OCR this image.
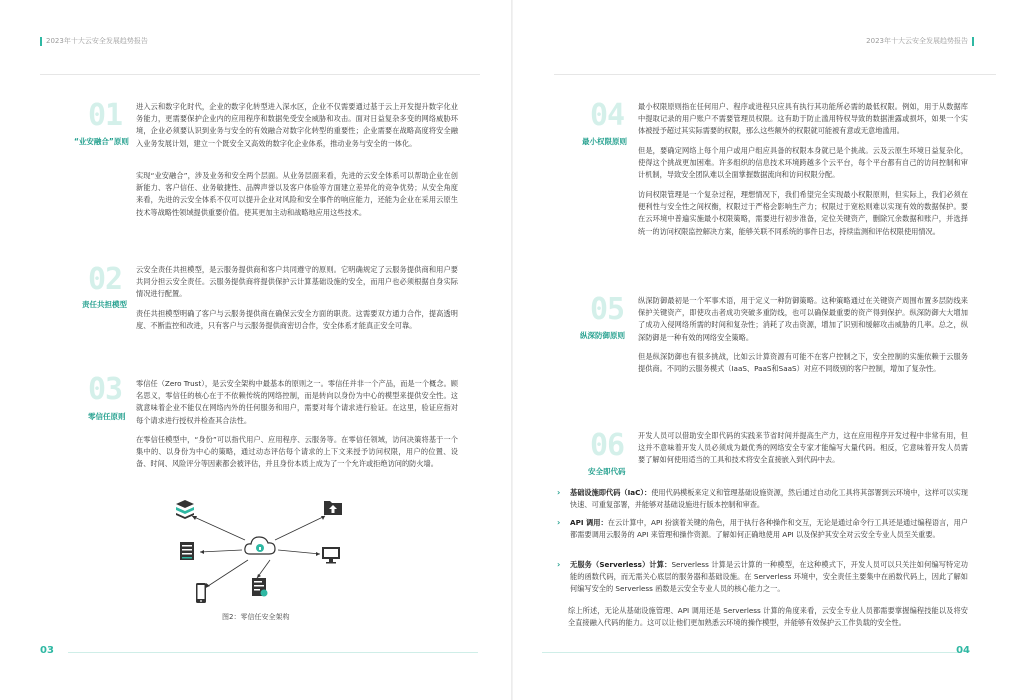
2023年十大云安全发展趋势报告
01
“业安融合”原则
进入云和数字化时代，企业的数字化转型进入深水区，企业不仅需要通过基于云上开发提升数字化业务能力，更需要保护企业内的应用程序和数据免受安全威胁和攻击。面对日益复杂多变的网络威胁环境，企业必须要认识到业务与安全的有效融合对数字化转型的重要性；企业需要在战略高度将安全融入业务发展计划，建立一个既安全又高效的数字化企业体系，推动业务与安全的一体化。
实现“业安融合”，涉及业务和安全两个层面。从业务层面来看，先进的云安全体系可以帮助企业在创新能力、客户信任、业务敏捷性、品牌声誉以及客户体验等方面建立差异化的竞争优势；从安全角度来看，先进的云安全体系不仅可以提升企业对风险和安全事件的响应能力，还能为企业在采用云原生技术等战略性领域提供重要价值。使其更加主动和战略地应用这些技术。
02
责任共担模型
云安全责任共担模型，是云服务提供商和客户共同遵守的原则。它明确规定了云服务提供商和用户要共同分担云安全责任。云服务提供商将提供保护云计算基础设施的安全，而用户也必须根据自身实际情况进行配置。
责任共担模型明确了客户与云服务提供商在确保云安全方面的职责。这需要双方通力合作，提高透明度、不断监控和改进，只有客户与云服务提供商密切合作，安全体系才能真正安全可靠。
03
零信任原则
零信任（Zero Trust），是云安全架构中最基本的原则之一。零信任并非一个产品，而是一个概念。顾名思义，零信任的核心在于不依赖传统的网络控制，而是转向以身份为中心的模型来提供安全性。这就意味着企业不能仅在网络内外的任何服务和用户，需要对每个请求进行验证。在这里，验证应指对每个请求进行授权并检查其合法性。
在零信任模型中，“身份”可以指代用户、应用程序、云服务等。在零信任领域，访问决策将基于一个集中的、以身份为中心的策略，通过动态评估每个请求的上下文来授予访问权限，用户的位置、设备、时间、风险评分等因素都会被评估，并且身份本质上成为了一个允许或拒绝访问的防火墙。
图2：零信任安全架构
03
2023年十大云安全发展趋势报告
04
最小权限原则
最小权限原则指在任何用户、程序或进程只应具有执行其功能所必需的最低权限。例如，用于从数据库中提取记录的用户账户不需要管理员权限。这有助于防止滥用特权导致的数据泄露或损坏，如果一个实体被授予超过其实际需要的权限，那么这些额外的权限就可能被有意或无意地滥用。
但是，要确定网络上每个用户或用户组应具备的权限本身就已是个挑战。云及云原生环境日益复杂化，使得这个挑战更加困难。许多组织的信息技术环境跨越多个云平台，每个平台都有自己的访问控制和审计机制，导致安全团队难以全面掌握数据流向和访问权限分配。
访问权限管理是一个复杂过程，理想情况下，我们希望完全实现最小权限原则，但实际上，我们必须在便利性与安全性之间权衡，权限过于严格会影响生产力；权限过于宽松则难以实现有效的数据保护。要在云环境中普遍实施最小权限策略，需要进行初步准备，定位关键资产，删除冗余数据和账户，并选择统一的访问权限监控解决方案，能够关联不同系统的事件日志，持续监测和评估权限使用情况。
05
纵深防御原则
纵深防御最初是一个军事术语，用于定义一种防御策略。这种策略通过在关键资产周围布置多层防线来保护关键资产，即使攻击者成功突破多重防线，也可以确保最重要的资产得到保护。纵深防御大大增加了成功入侵网络所需的时间和复杂性；消耗了攻击资源，增加了识别和缓解攻击威胁的几率。总之，纵深防御是一种有效的网络安全策略。
但是纵深防御也有很多挑战，比如云计算资源有可能不在客户控制之下，安全控制的实施依赖于云服务提供商。不同的云服务模式（IaaS、PaaS和SaaS）对应不同级别的客户控制，增加了复杂性。
06
安全即代码
开发人员可以借助安全即代码的实践来节省时间并提高生产力，这在应用程序开发过程中非常有用，但这并不意味着开发人员必须成为最优秀的网络安全专家才能编写大量代码。相反，它意味着开发人员需要了解如何使用适当的工具和技术将安全直接嵌入到代码中去。
› 基础设施即代码（IaC）：使用代码模板来定义和管理基础设施资源，然后通过自动化工具将其部署到云环境中，这样可以实现快速、可重复部署，并能够对基础设施进行版本控制和审查。
› API 调用：在云计算中，API 扮演着关键的角色，用于执行各种操作和交互，无论是通过命令行工具还是通过编程语言，用户都需要调用云服务的 API 来管理和操作资源。了解如何正确地使用 API 以及保护其安全对云安全专业人员至关重要。
› 无服务（Serverless）计算：Serverless 计算是云计算的一种模型，在这种模式下，开发人员可以只关注如何编写特定功能的函数代码，而无需关心底层的服务器和基础设施。在 Serverless 环境中，安全责任主要集中在函数代码上，因此了解如何编写安全的 Serverless 函数是云安全专业人员的核心能力之一。
综上所述，无论从基础设施管理、API 调用还是 Serverless 计算的角度来看，云安全专业人员都需要掌握编程技能以及将安全直接融入代码的能力。这可以让他们更加熟悉云环境的操作模型，并能够有效保护云工作负载的安全性。
04
